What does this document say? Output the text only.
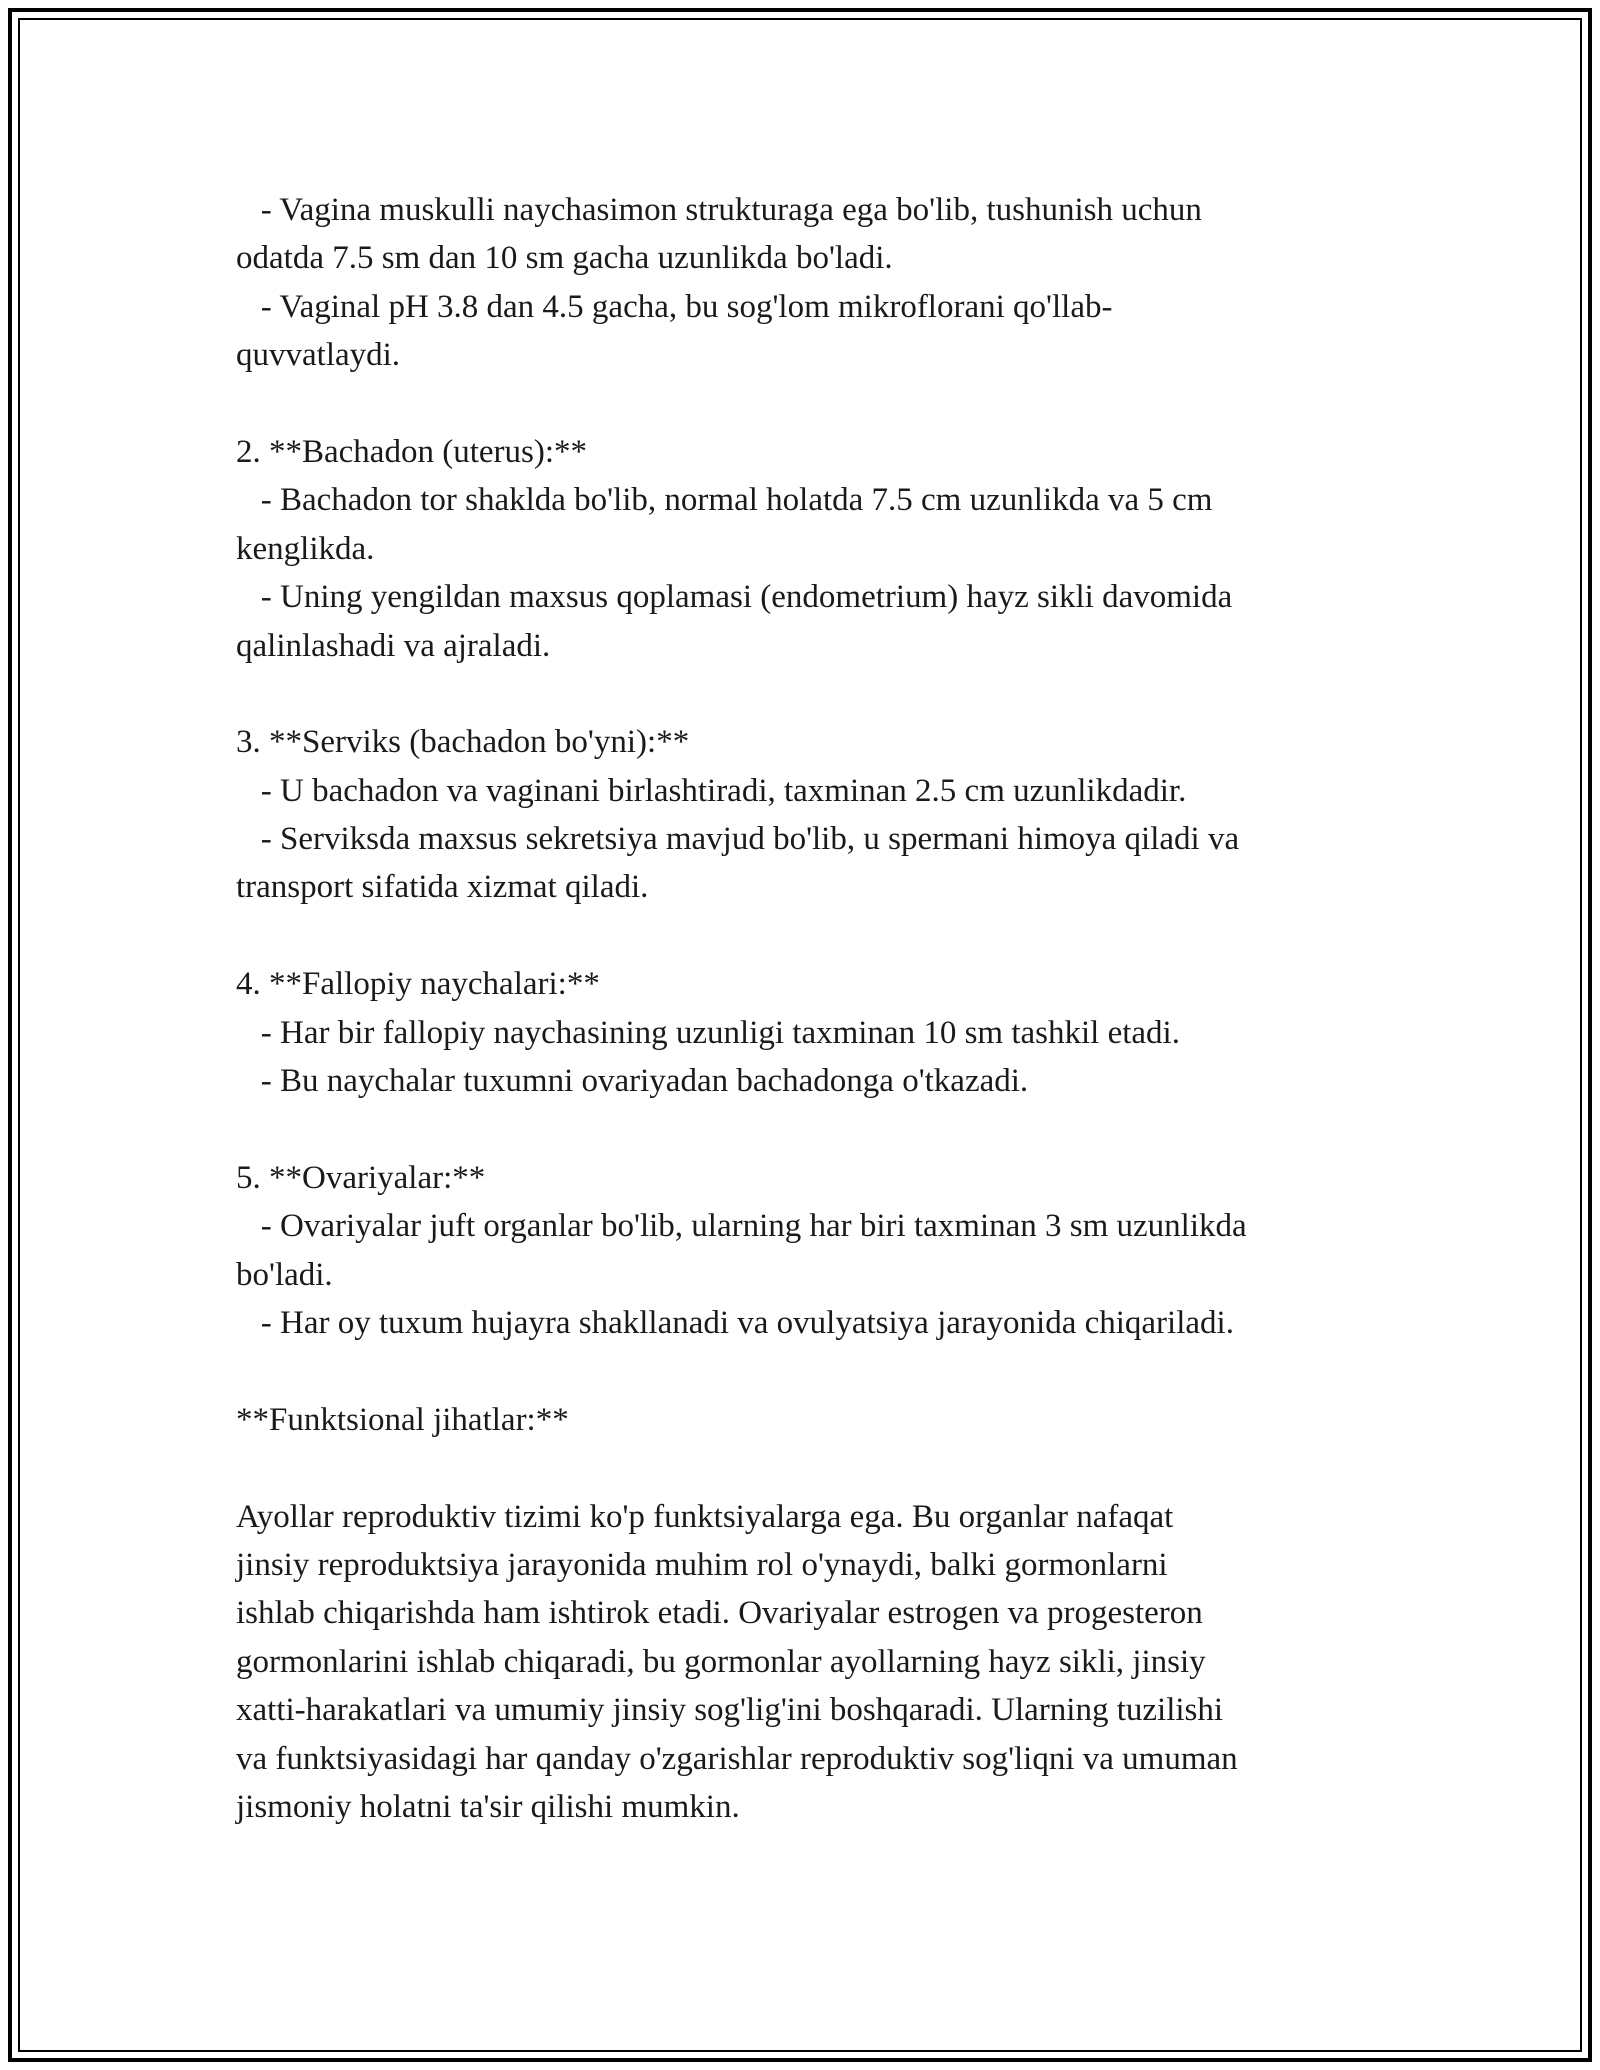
- Vagina muskulli naychasimon strukturaga ega bo'lib, tushunish uchun
odatda 7.5 sm dan 10 sm gacha uzunlikda bo'ladi.
- Vaginal pH 3.8 dan 4.5 gacha, bu sog'lom mikroflorani qo'llab-
quvvatlaydi.
2. **Bachadon (uterus):**
- Bachadon tor shaklda bo'lib, normal holatda 7.5 cm uzunlikda va 5 cm
kenglikda.
- Uning yengildan maxsus qoplamasi (endometrium) hayz sikli davomida
qalinlashadi va ajraladi.
3. **Serviks (bachadon bo'yni):**
- U bachadon va vaginani birlashtiradi, taxminan 2.5 cm uzunlikdadir.
- Serviksda maxsus sekretsiya mavjud bo'lib, u spermani himoya qiladi va
transport sifatida xizmat qiladi.
4. **Fallopiy naychalari:**
- Har bir fallopiy naychasining uzunligi taxminan 10 sm tashkil etadi.
- Bu naychalar tuxumni ovariyadan bachadonga o'tkazadi.
5. **Ovariyalar:**
- Ovariyalar juft organlar bo'lib, ularning har biri taxminan 3 sm uzunlikda
bo'ladi.
- Har oy tuxum hujayra shakllanadi va ovulyatsiya jarayonida chiqariladi.
**Funktsional jihatlar:**
Ayollar reproduktiv tizimi ko'p funktsiyalarga ega. Bu organlar nafaqat
jinsiy reproduktsiya jarayonida muhim rol o'ynaydi, balki gormonlarni
ishlab chiqarishda ham ishtirok etadi. Ovariyalar estrogen va progesteron
gormonlarini ishlab chiqaradi, bu gormonlar ayollarning hayz sikli, jinsiy
xatti-harakatlari va umumiy jinsiy sog'lig'ini boshqaradi. Ularning tuzilishi
va funktsiyasidagi har qanday o'zgarishlar reproduktiv sog'liqni va umuman
jismoniy holatni ta'sir qilishi mumkin.
